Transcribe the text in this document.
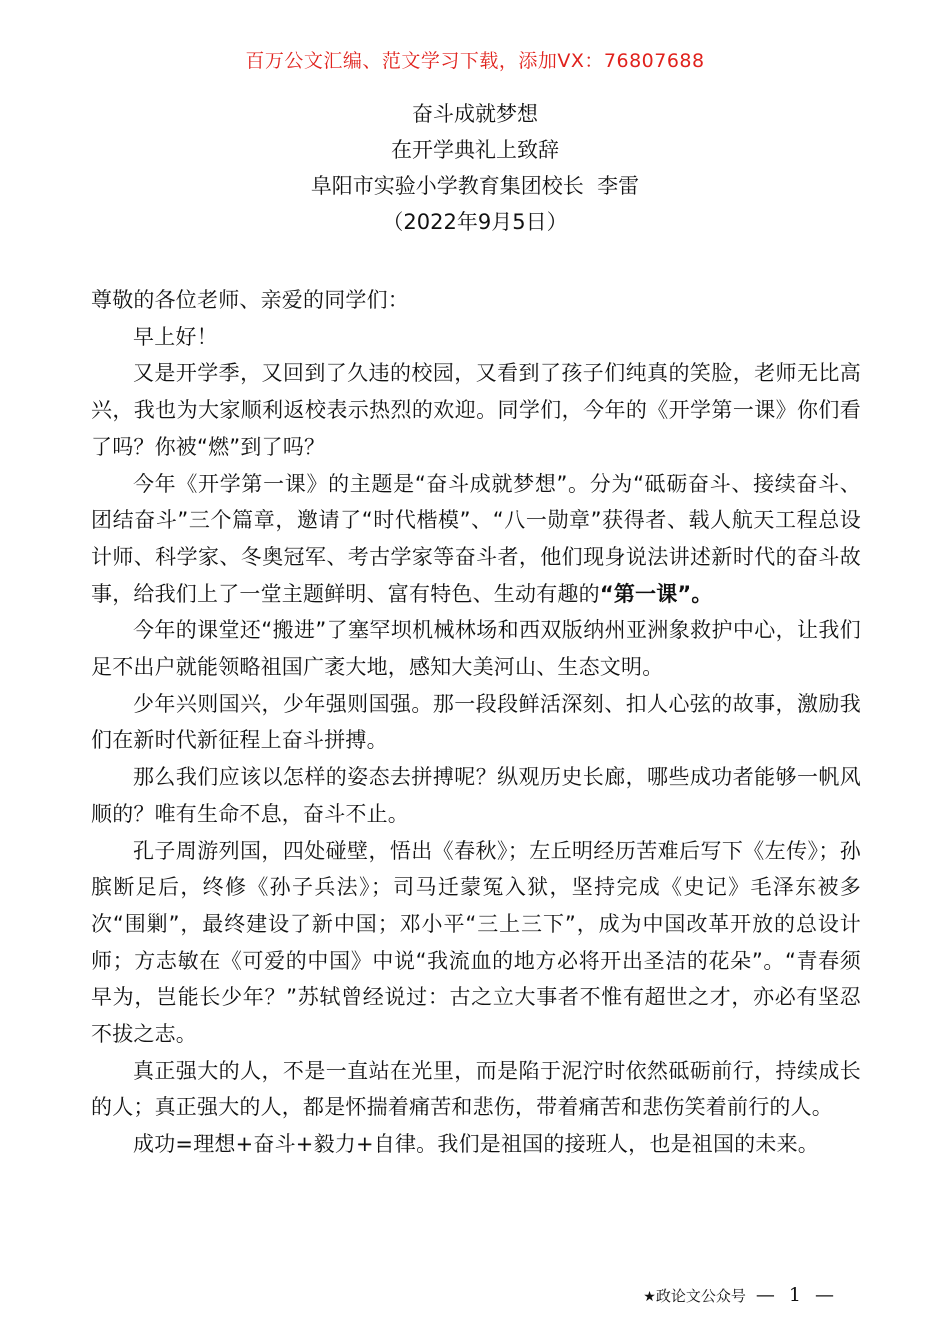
百万公文汇编、范文学习下载，添加VX：76807688
奋斗成就梦想
在开学典礼上致辞
阜阳市实验小学教育集团校长  李雷
（2022年9月5日）

尊敬的各位老师、亲爱的同学们：

早上好！

又是开学季，又回到了久违的校园，又看到了孩子们纯真的笑脸，老师无比高兴，我也为大家顺利返校表示热烈的欢迎。同学们，今年的《开学第一课》你们看了吗？你被“燃”到了吗？

今年《开学第一课》的主题是“奋斗成就梦想”。分为“砥砺奋斗、接续奋斗、团结奋斗”三个篇章，邀请了“时代楷模”、“八一勋章”获得者、载人航天工程总设计师、科学家、冬奥冠军、考古学家等奋斗者，他们现身说法讲述新时代的奋斗故事，给我们上了一堂主题鲜明、富有特色、生动有趣的“第一课”。

今年的课堂还“搬进”了塞罕坝机械林场和西双版纳州亚洲象救护中心，让我们足不出户就能领略祖国广袤大地，感知大美河山、生态文明。

少年兴则国兴，少年强则国强。那一段段鲜活深刻、扣人心弦的故事，激励我们在新时代新征程上奋斗拼搏。

那么我们应该以怎样的姿态去拼搏呢？纵观历史长廊，哪些成功者能够一帆风顺的？唯有生命不息，奋斗不止。

孔子周游列国，四处碰壁，悟出《春秋》；左丘明经历苦难后写下《左传》；孙膑断足后，终修《孙子兵法》；司马迁蒙冤入狱，坚持完成《史记》毛泽东被多次“围剿”，最终建设了新中国；邓小平“三上三下”，成为中国改革开放的总设计师；方志敏在《可爱的中国》中说“我流血的地方必将开出圣洁的花朵”。“青春须早为，岂能长少年？”苏轼曾经说过：古之立大事者不惟有超世之才，亦必有坚忍不拔之志。

真正强大的人，不是一直站在光里，而是陷于泥泞时依然砥砺前行，持续成长的人；真正强大的人，都是怀揣着痛苦和悲伤，带着痛苦和悲伤笑着前行的人。

成功=理想+奋斗+毅力+自律。我们是祖国的接班人，也是祖国的未来。

★政论文公众号 — 1 —
